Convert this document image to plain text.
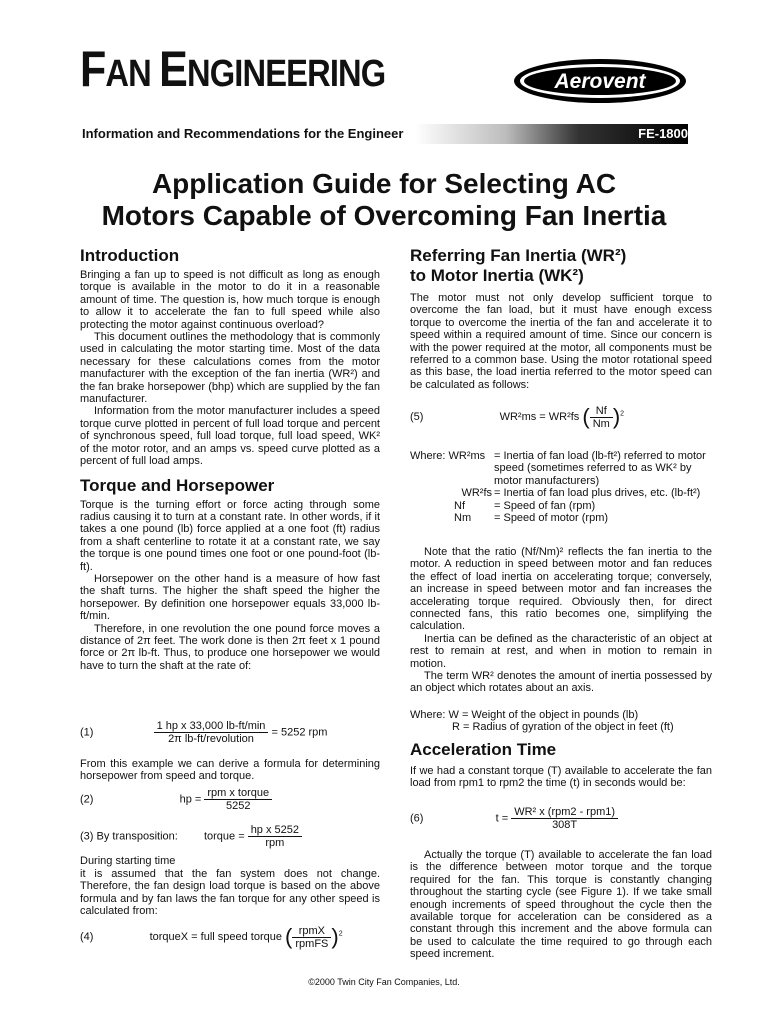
FAN ENGINEERING	Aerovent
Information and Recommendations for the Engineer	FE-1800
Application Guide for Selecting AC
Motors Capable of Overcoming Fan Inertia
Introduction

Bringing a fan up to speed is not difficult as long as enough torque is available in the motor to do it in a reasonable amount of time. The question is, how much torque is enough to allow it to accelerate the fan to full speed while also protecting the motor against continuous overload?

This document outlines the methodology that is commonly used in calculating the motor starting time. Most of the data necessary for these calculations comes from the motor manufacturer with the exception of the fan inertia (WR²) and the fan brake horsepower (bhp) which are supplied by the fan manufacturer.

Information from the motor manufacturer includes a speed torque curve plotted in percent of full load torque and percent of synchronous speed, full load torque, full load speed, WK² of the motor rotor, and an amps vs. speed curve plotted as a percent of full load amps.

Torque and Horsepower

Torque is the turning effort or force acting through some radius causing it to turn at a constant rate. In other words, if it takes a one pound (lb) force applied at a one foot (ft) radius from a shaft centerline to rotate it at a constant rate, we say the torque is one pound times one foot or one pound-foot (lb-ft).

Horsepower on the other hand is a measure of how fast the shaft turns. The higher the shaft speed the higher the horsepower. By definition one horsepower equals 33,000 lb-ft/min.

Therefore, in one revolution the one pound force moves a distance of 2π feet. The work done is then 2π feet x 1 pound force or 2π lb-ft. Thus, to produce one horsepower we would have to turn the shaft at the rate of:

(1)	$\frac{\text{1 hp x 33,000 lb-ft/min}}{\text{2π lb-ft/revolution}} = 5252$ rpm

From this example we can derive a formula for determining horsepower from speed and torque.

(2)	hp = $\frac{\text{rpm x torque}}{5252}$
(3) By transposition: torque = $\frac{\text{hp x 5252}}{\text{rpm}}$

During starting time

it is assumed that the fan system does not change. Therefore, the fan design load torque is based on the above formula and by fan laws the fan torque for any other speed is calculated from:

(4)	torqueX = full speed torque ( $\frac{\text{rpmX}}{\text{rpmFS}} )^2$
Referring Fan Inertia (WR²)
to Motor Inertia (WK²)

The motor must not only develop sufficient torque to overcome the fan load, but it must have enough excess torque to overcome the inertia of the fan and accelerate it to speed within a required amount of time. Since our concern is with the power required at the motor, all components must be referred to a common base. Using the motor rotational speed as this base, the load inertia referred to the motor speed can be calculated as follows:

(5)	WR²ms = WR²fs ( $\frac{Nf}{Nm} )^2$
Where: WR²ms = Inertia of fan load (lb-ft²) referred to motor speed (sometimes referred to as WK² by motor manufacturers)
WR²fs = Inertia of fan load plus drives, etc. (lb-ft²)
Nf	= Speed of fan (rpm)
Nm	= Speed of motor (rpm)

Note that the ratio (Nf/Nm)² reflects the fan inertia to the motor. A reduction in speed between motor and fan reduces the effect of load inertia on accelerating torque; conversely, an increase in speed between motor and fan increases the accelerating torque required. Obviously then, for direct connected fans, this ratio becomes one, simplifying the calculation.

Inertia can be defined as the characteristic of an object at rest to remain at rest, and when in motion to remain in motion.

The term WR² denotes the amount of inertia possessed by an object which rotates about an axis.

Where: W = Weight of the object in pounds (lb)
R = Radius of gyration of the object in feet (ft)
Acceleration Time

If we had a constant torque (T) available to accelerate the fan load from rpm1 to rpm2 the time (t) in seconds would be:

(6)	$t = \frac{\text{WR² x (rpm2 - rpm1)}}{308T}$

Actually the torque (T) available to accelerate the fan load is the difference between motor torque and the torque required for the fan. This torque is constantly changing throughout the starting cycle (see Figure 1). If we take small enough increments of speed throughout the cycle then the available torque for acceleration can be considered as a constant through this increment and the above formula can be used to calculate the time required to go through each speed increment.

©2000 Twin City Fan Companies, Ltd.
